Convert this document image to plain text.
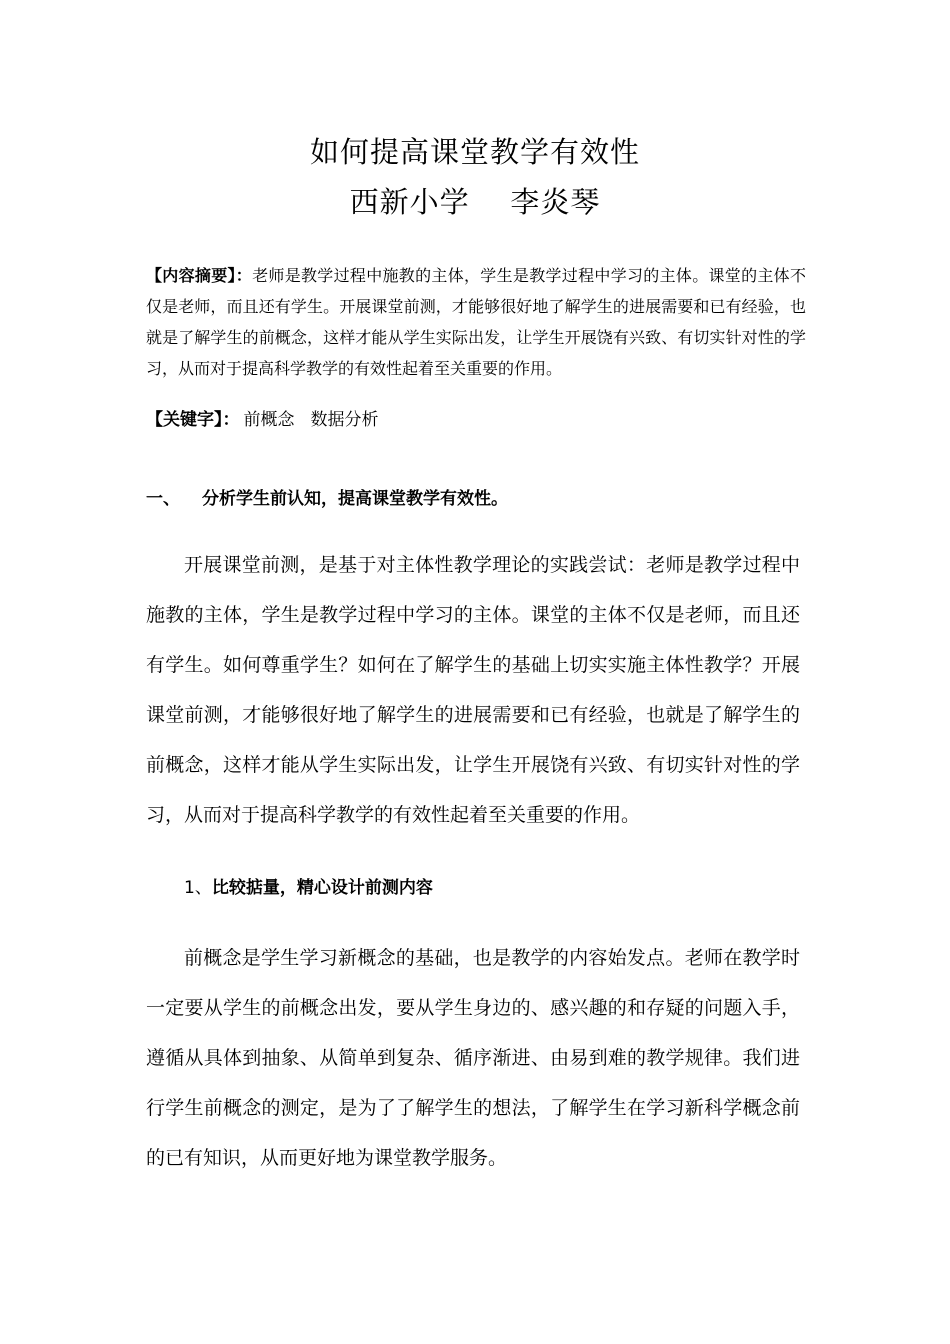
如何提高课堂教学有效性
西新小学    李炎琴
【内容摘要】：老师是教学过程中施教的主体，学生是教学过程中学习的主体。课堂的主体不仅是老师，而且还有学生。开展课堂前测，才能够很好地了解学生的进展需要和已有经验，也就是了解学生的前概念，这样才能从学生实际出发，让学生开展饶有兴致、有切实针对性的学习，从而对于提高科学教学的有效性起着至关重要的作用。
【关键字】： 前概念 数据分析
一、 分析学生前认知，提高课堂教学有效性。
开展课堂前测，是基于对主体性教学理论的实践尝试：老师是教学过程中施教的主体，学生是教学过程中学习的主体。课堂的主体不仅是老师，而且还有学生。如何尊重学生？如何在了解学生的基础上切实实施主体性教学？开展课堂前测，才能够很好地了解学生的进展需要和已有经验，也就是了解学生的前概念，这样才能从学生实际出发，让学生开展饶有兴致、有切实针对性的学习，从而对于提高科学教学的有效性起着至关重要的作用。
1、比较掂量，精心设计前测内容
前概念是学生学习新概念的基础，也是教学的内容始发点。老师在教学时一定要从学生的前概念出发，要从学生身边的、感兴趣的和存疑的问题入手，遵循从具体到抽象、从简单到复杂、循序渐进、由易到难的教学规律。我们进行学生前概念的测定，是为了了解学生的想法，了解学生在学习新科学概念前的已有知识，从而更好地为课堂教学服务。
